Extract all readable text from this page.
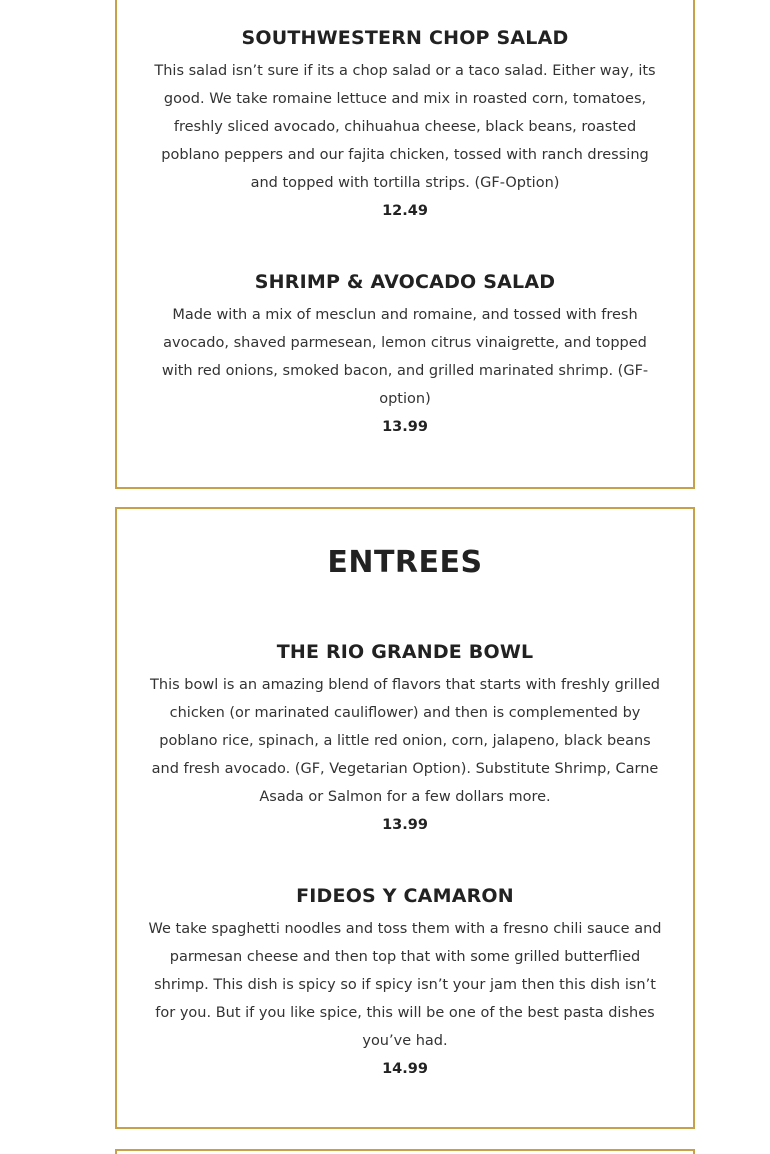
SOUTHWESTERN CHOP SALAD

This salad isn’t sure if its a chop salad or a taco salad. Either way, its good. We take romaine lettuce and mix in roasted corn, tomatoes, freshly sliced avocado, chihuahua cheese, black beans, roasted poblano peppers and our fajita chicken, tossed with ranch dressing and topped with tortilla strips. (GF-Option)

12.49

SHRIMP & AVOCADO SALAD

Made with a mix of mesclun and romaine, and tossed with fresh avocado, shaved parmesean, lemon citrus vinaigrette, and topped with red onions, smoked bacon, and grilled marinated shrimp. (GF-option)

13.99

ENTREES
THE RIO GRANDE BOWL

This bowl is an amazing blend of flavors that starts with freshly grilled chicken (or marinated cauliflower) and then is complemented by poblano rice, spinach, a little red onion, corn, jalapeno, black beans and fresh avocado. (GF, Vegetarian Option). Substitute Shrimp, Carne Asada or Salmon for a few dollars more.

13.99

FIDEOS Y CAMARON

We take spaghetti noodles and toss them with a fresno chili sauce and parmesan cheese and then top that with some grilled butterflied shrimp. This dish is spicy so if spicy isn’t your jam then this dish isn’t for you. But if you like spice, this will be one of the best pasta dishes you’ve had.

14.99
